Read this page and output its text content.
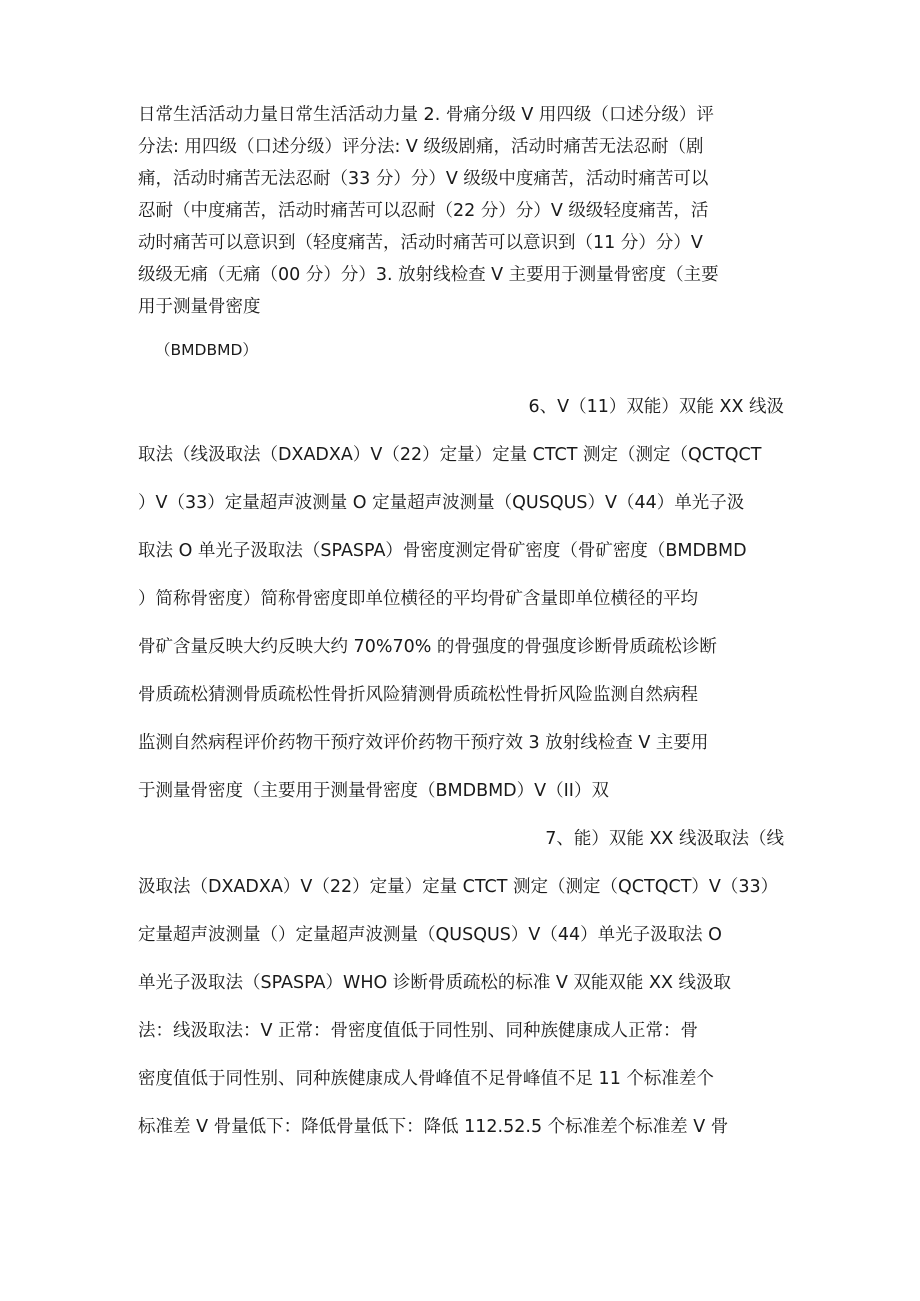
日常生活活动力量日常生活活动力量 2. 骨痛分级 V 用四级（口述分级）评
分法: 用四级（口述分级）评分法: V 级级剧痛，活动时痛苦无法忍耐（剧
痛，活动时痛苦无法忍耐（33 分）分）V 级级中度痛苦，活动时痛苦可以
忍耐（中度痛苦，活动时痛苦可以忍耐（22 分）分）V 级级轻度痛苦，活
动时痛苦可以意识到（轻度痛苦，活动时痛苦可以意识到（11 分）分）V
级级无痛（无痛（00 分）分）3. 放射线检查 V 主要用于测量骨密度（主要
用于测量骨密度
（BMDBMD）
6、V（11）双能）双能 XX 线汲
取法（线汲取法（DXADXA）V（22）定量）定量 CTCT 测定（测定（QCTQCT
）V（33）定量超声波测量 O 定量超声波测量（QUSQUS）V（44）单光子汲
取法 O 单光子汲取法（SPASPA）骨密度测定骨矿密度（骨矿密度（BMDBMD
）简称骨密度）简称骨密度即单位横径的平均骨矿含量即单位横径的平均
骨矿含量反映大约反映大约 70%70% 的骨强度的骨强度诊断骨质疏松诊断
骨质疏松猜测骨质疏松性骨折风险猜测骨质疏松性骨折风险监测自然病程
监测自然病程评价药物干预疗效评价药物干预疗效 3 放射线检查 V 主要用
于测量骨密度（主要用于测量骨密度（BMDBMD）V（II）双
7、能）双能 XX 线汲取法（线
汲取法（DXADXA）V（22）定量）定量 CTCT 测定（测定（QCTQCT）V（33）
定量超声波测量（）定量超声波测量（QUSQUS）V（44）单光子汲取法 O
单光子汲取法（SPASPA）WHO 诊断骨质疏松的标准 V 双能双能 XX 线汲取
法：线汲取法：V 正常：骨密度值低于同性别、同种族健康成人正常：骨
密度值低于同性别、同种族健康成人骨峰值不足骨峰值不足 11 个标准差个
标准差 V 骨量低下：降低骨量低下：降低 112.52.5 个标准差个标准差 V 骨
